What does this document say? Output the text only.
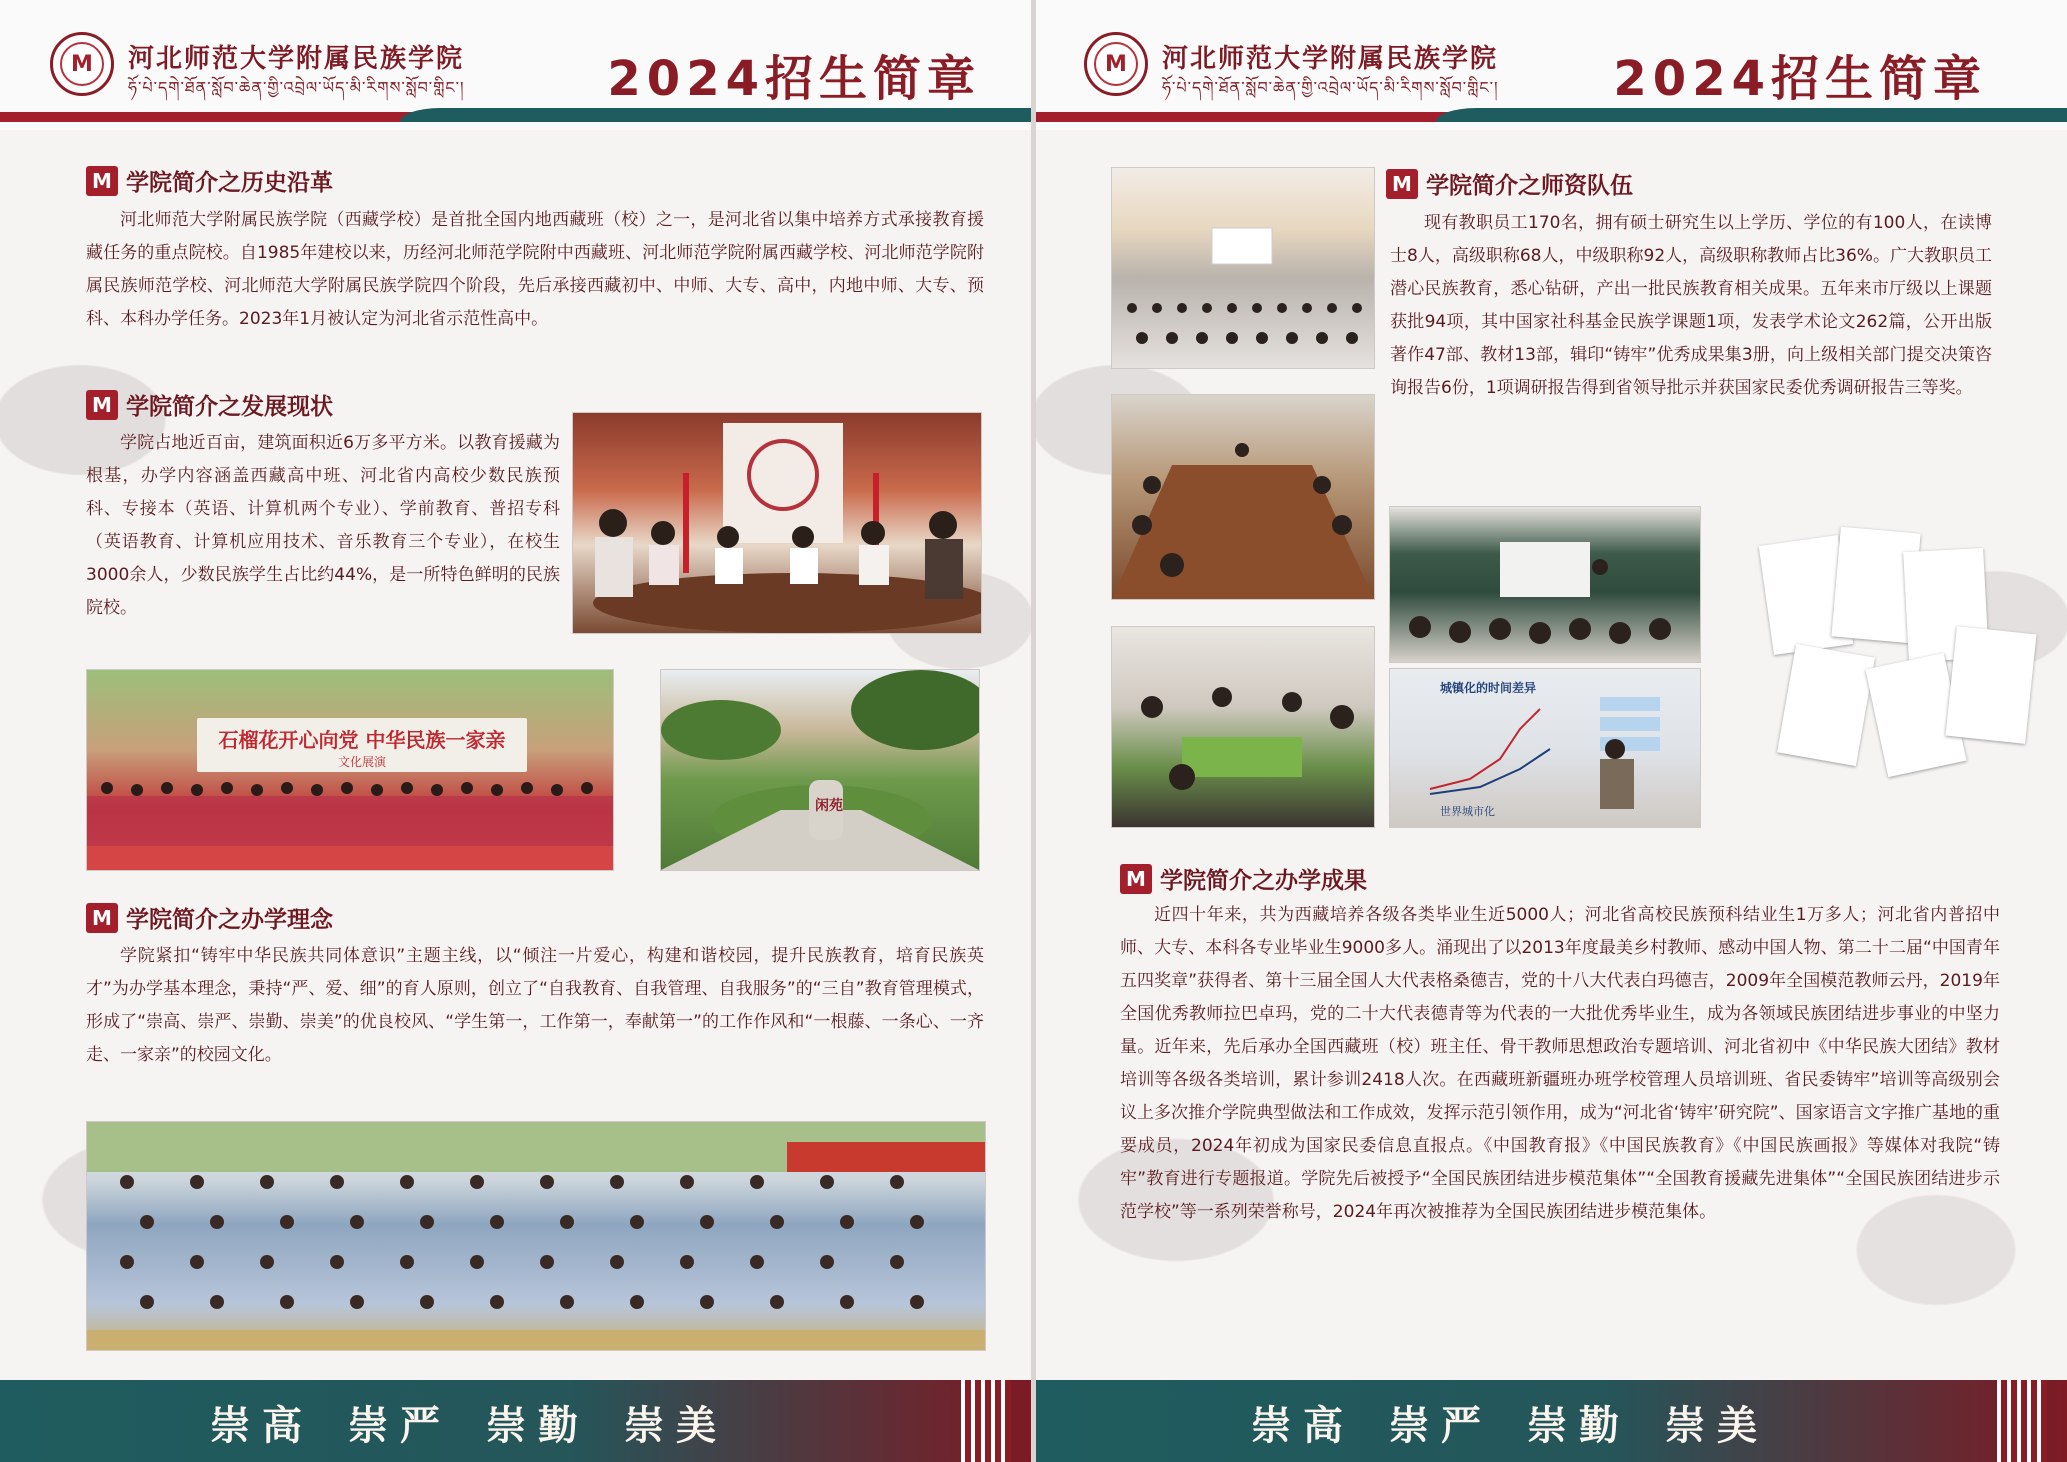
M	河北师范大学附属民族学院
ཧོ་པེ་དགེ་ཐོན་སློབ་ཆེན་གྱི་འབྲེལ་ཡོད་མི་རིགས་སློབ་གླིང་།	2024招生简章
M 学院简介之历史沿革

河北师范大学附属民族学院（西藏学校）是首批全国内地西藏班（校）之一，是河北省以集中培养方式承接教育援藏任务的重点院校。自1985年建校以来，历经河北师范学院附中西藏班、河北师范学院附属西藏学校、河北师范学院附属民族师范学校、河北师范大学附属民族学院四个阶段，先后承接西藏初中、中师、大专、高中，内地中师、大专、预科、本科办学任务。2023年1月被认定为河北省示范性高中。

M 学院简介之发展现状

学院占地近百亩，建筑面积近6万多平方米。以教育援藏为根基，办学内容涵盖西藏高中班、河北省内高校少数民族预科、专接本（英语、计算机两个专业）、学前教育、普招专科（英语教育、计算机应用技术、音乐教育三个专业），在校生3000余人，少数民族学生占比约44%，是一所特色鲜明的民族院校。

石榴花开心向党 中华民族一家亲
文化展演
闲苑
M 学院简介之办学理念

学院紧扣“铸牢中华民族共同体意识”主题主线，以“倾注一片爱心，构建和谐校园，提升民族教育，培育民族英才”为办学基本理念，秉持“严、爱、细”的育人原则，创立了“自我教育、自我管理、自我服务”的“三自”教育管理模式，形成了“崇高、崇严、崇勤、崇美”的优良校风、“学生第一，工作第一，奉献第一”的工作作风和“一根藤、一条心、一齐走、一家亲”的校园文化。

崇高 崇严 崇勤 崇美
M	河北师范大学附属民族学院
ཧོ་པེ་དགེ་ཐོན་སློབ་ཆེན་གྱི་འབྲེལ་ཡོད་མི་རིགས་སློབ་གླིང་། 2024招生简章
M 学院简介之师资队伍

现有教职员工170名，拥有硕士研究生以上学历、学位的有100人，在读博士8人，高级职称68人，中级职称92人，高级职称教师占比36%。广大教职员工潜心民族教育，悉心钻研，产出一批民族教育相关成果。五年来市厅级以上课题获批94项，其中国家社科基金民族学课题1项，发表学术论文262篇，公开出版著作47部、教材13部，辑印“铸牢”优秀成果集3册，向上级相关部门提交决策咨询报告6份，1项调研报告得到省领导批示并获国家民委优秀调研报告三等奖。

城镇化的时间差异
世界城市化
M 学院简介之办学成果

近四十年来，共为西藏培养各级各类毕业生近5000人；河北省高校民族预科结业生1万多人；河北省内普招中师、大专、本科各专业毕业生9000多人。涌现出了以2013年度最美乡村教师、感动中国人物、第二十二届“中国青年五四奖章”获得者、第十三届全国人大代表格桑德吉，党的十八大代表白玛德吉，2009年全国模范教师云丹，2019年全国优秀教师拉巴卓玛，党的二十大代表德青等为代表的一大批优秀毕业生，成为各领域民族团结进步事业的中坚力量。近年来，先后承办全国西藏班（校）班主任、骨干教师思想政治专题培训、河北省初中《中华民族大团结》教材培训等各级各类培训，累计参训2418人次。在西藏班新疆班办班学校管理人员培训班、省民委铸牢”培训等高级别会议上多次推介学院典型做法和工作成效，发挥示范引领作用，成为“河北省‘铸牢’研究院”、国家语言文字推广基地的重要成员，2024年初成为国家民委信息直报点。《中国教育报》《中国民族教育》《中国民族画报》等媒体对我院“铸牢”教育进行专题报道。学院先后被授予“全国民族团结进步模范集体”“全国教育援藏先进集体”“全国民族团结进步示范学校”等一系列荣誉称号，2024年再次被推荐为全国民族团结进步模范集体。

崇高 崇严 崇勤 崇美
